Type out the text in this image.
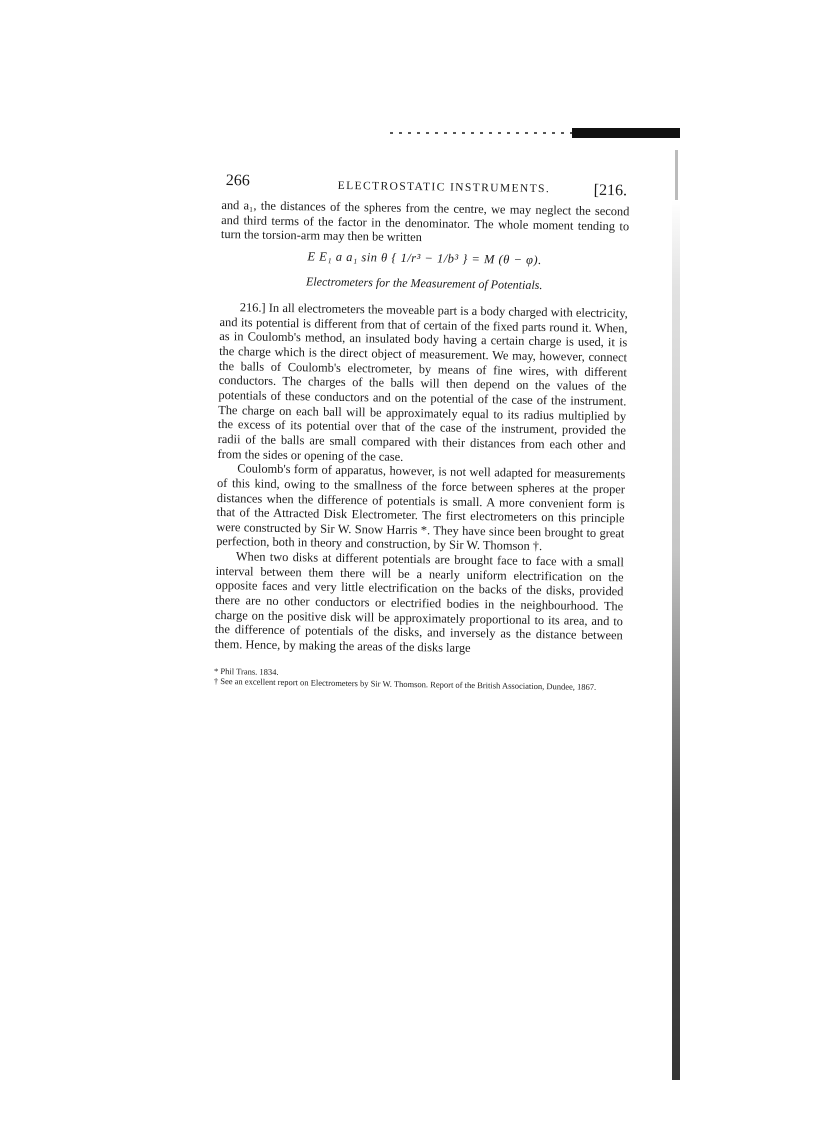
266	ELECTROSTATIC INSTRUMENTS.	[216.

and a₁, the distances of the spheres from the centre, we may neglect the second and third terms of the factor in the denominator. The whole moment tending to turn the torsion-arm may then be written

E E₁ a a₁ sin θ { 1/r³ − 1/b³ } = M (θ − φ).
Electrometers for the Measurement of Potentials.

216.] In all electrometers the moveable part is a body charged with electricity, and its potential is different from that of certain of the fixed parts round it. When, as in Coulomb's method, an insulated body having a certain charge is used, it is the charge which is the direct object of measurement. We may, however, connect the balls of Coulomb's electrometer, by means of fine wires, with different conductors. The charges of the balls will then depend on the values of the potentials of these conductors and on the potential of the case of the instrument. The charge on each ball will be approximately equal to its radius multiplied by the excess of its potential over that of the case of the instrument, provided the radii of the balls are small compared with their distances from each other and from the sides or opening of the case.

Coulomb's form of apparatus, however, is not well adapted for measurements of this kind, owing to the smallness of the force between spheres at the proper distances when the difference of potentials is small. A more convenient form is that of the Attracted Disk Electrometer. The first electrometers on this principle were constructed by Sir W. Snow Harris *. They have since been brought to great perfection, both in theory and construction, by Sir W. Thomson †.

When two disks at different potentials are brought face to face with a small interval between them there will be a nearly uniform electrification on the opposite faces and very little electrification on the backs of the disks, provided there are no other conductors or electrified bodies in the neighbourhood. The charge on the positive disk will be approximately proportional to its area, and to the difference of potentials of the disks, and inversely as the distance between them. Hence, by making the areas of the disks large

* Phil Trans. 1834.

† See an excellent report on Electrometers by Sir W. Thomson. Report of the British Association, Dundee, 1867.
